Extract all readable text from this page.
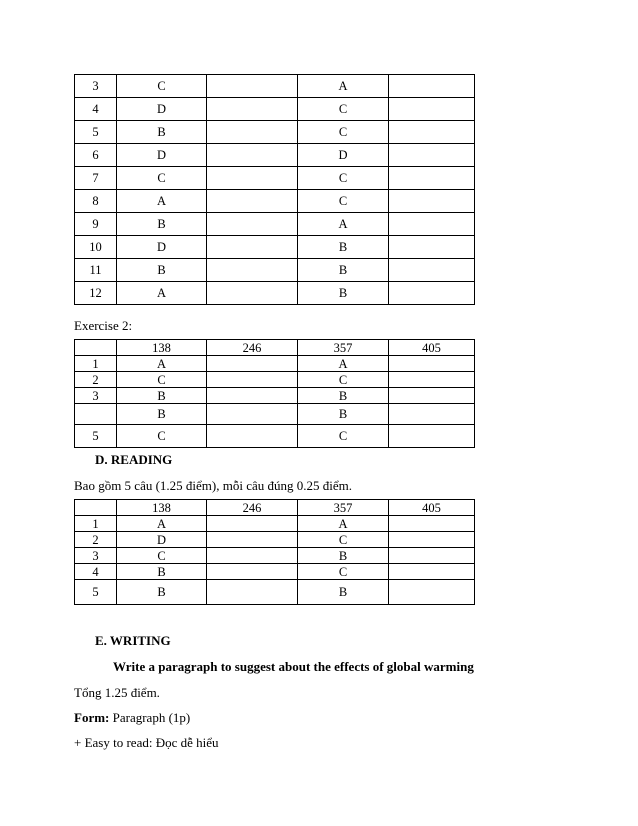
3	C		A	
4	D		C	
5	B		C	
6	D		D	
7	C		C	
8	A		C	
9	B		A	
10	D		B	
11	B		B	
12	A		B	
Exercise 2:
	138	246	357	405
1	A		A	
2	C		C	
3	B		B	
	B		B	
5	C		C	
D. READING
Bao gồm 5 câu (1.25 điểm), mỗi câu đúng 0.25 điểm.
	138	246	357	405
1	A		A	
2	D		C	
3	C		B	
4	B		C	
5	B		B	
E. WRITING
Write a paragraph to suggest about the effects of global warming
Tổng 1.25 điểm.
Form: Paragraph (1p)
+ Easy to read: Đọc dễ hiểu
